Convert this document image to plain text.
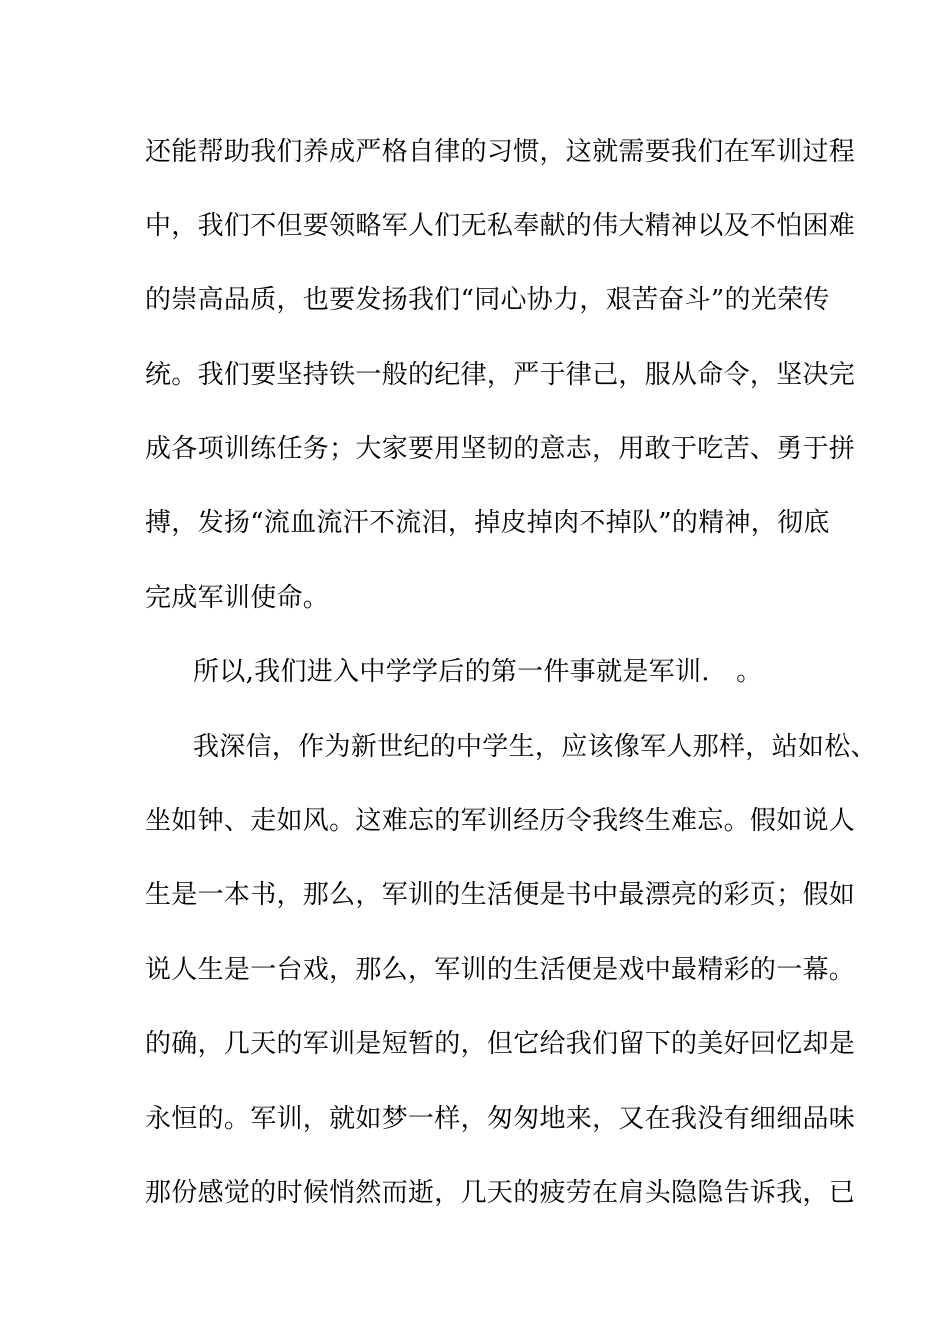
还能帮助我们养成严格自律的习惯，这就需要我们在军训过程
中，我们不但要领略军人们无私奉献的伟大精神以及不怕困难
的崇高品质，也要发扬我们“同心协力，艰苦奋斗”的光荣传
统。我们要坚持铁一般的纪律，严于律己，服从命令，坚决完
成各项训练任务；大家要用坚韧的意志，用敢于吃苦、勇于拼
搏，发扬“流血流汗不流泪，掉皮掉肉不掉队”的精神，彻底
完成军训使命。
所以,我们进入中学学后的第一件事就是军训.　。
我深信，作为新世纪的中学生，应该像军人那样，站如松、
坐如钟、走如风。这难忘的军训经历令我终生难忘。假如说人
生是一本书，那么，军训的生活便是书中最漂亮的彩页；假如
说人生是一台戏，那么，军训的生活便是戏中最精彩的一幕。
的确，几天的军训是短暂的，但它给我们留下的美好回忆却是
永恒的。军训，就如梦一样，匆匆地来，又在我没有细细品味
那份感觉的时候悄然而逝，几天的疲劳在肩头隐隐告诉我，已
